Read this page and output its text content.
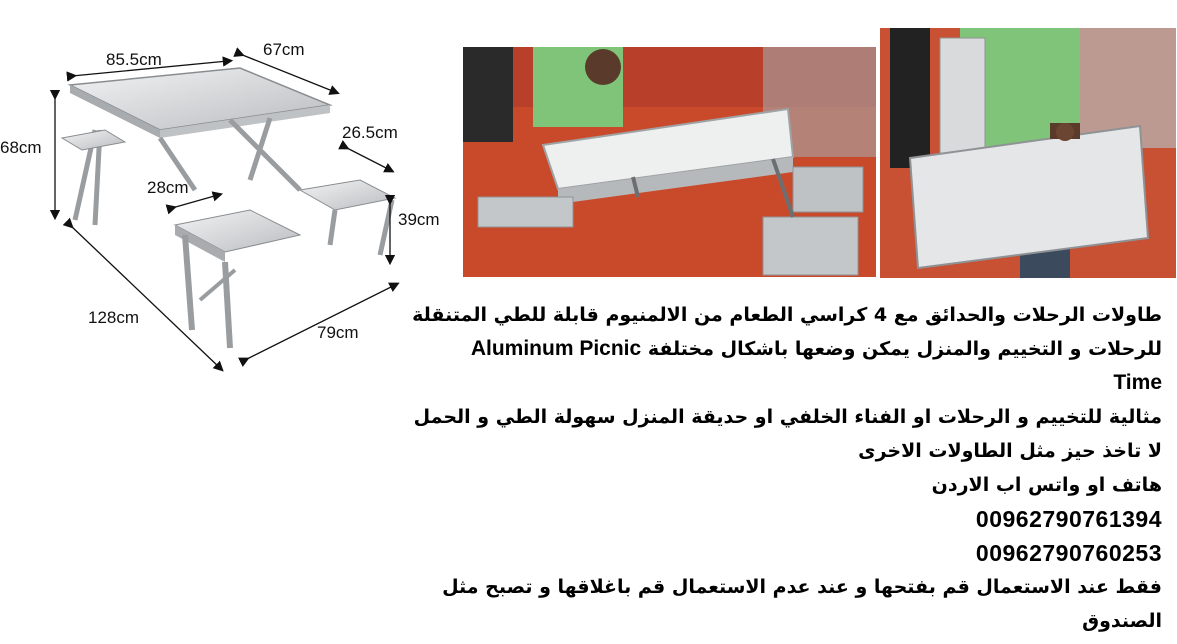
85.5cm
67cm
68cm
26.5cm
28cm
39cm
128cm
79cm
طاولات الرحلات والحدائق مع 4 كراسي الطعام من الالمنيوم قابلة للطي المتنقلة
للرحلات و التخييم والمنزل يمكن وضعها باشكال مختلفة Aluminum Picnic
Time
مثالية للتخييم و الرحلات او الفناء الخلفي او حديقة المنزل سهولة الطي و الحمل
لا تاخذ حيز مثل الطاولات الاخرى
هاتف او واتس اب الاردن
00962790761394
00962790760253
فقط عند الاستعمال قم بفتحها و عند عدم الاستعمال قم باغلاقها و تصبح مثل
الصندوق
